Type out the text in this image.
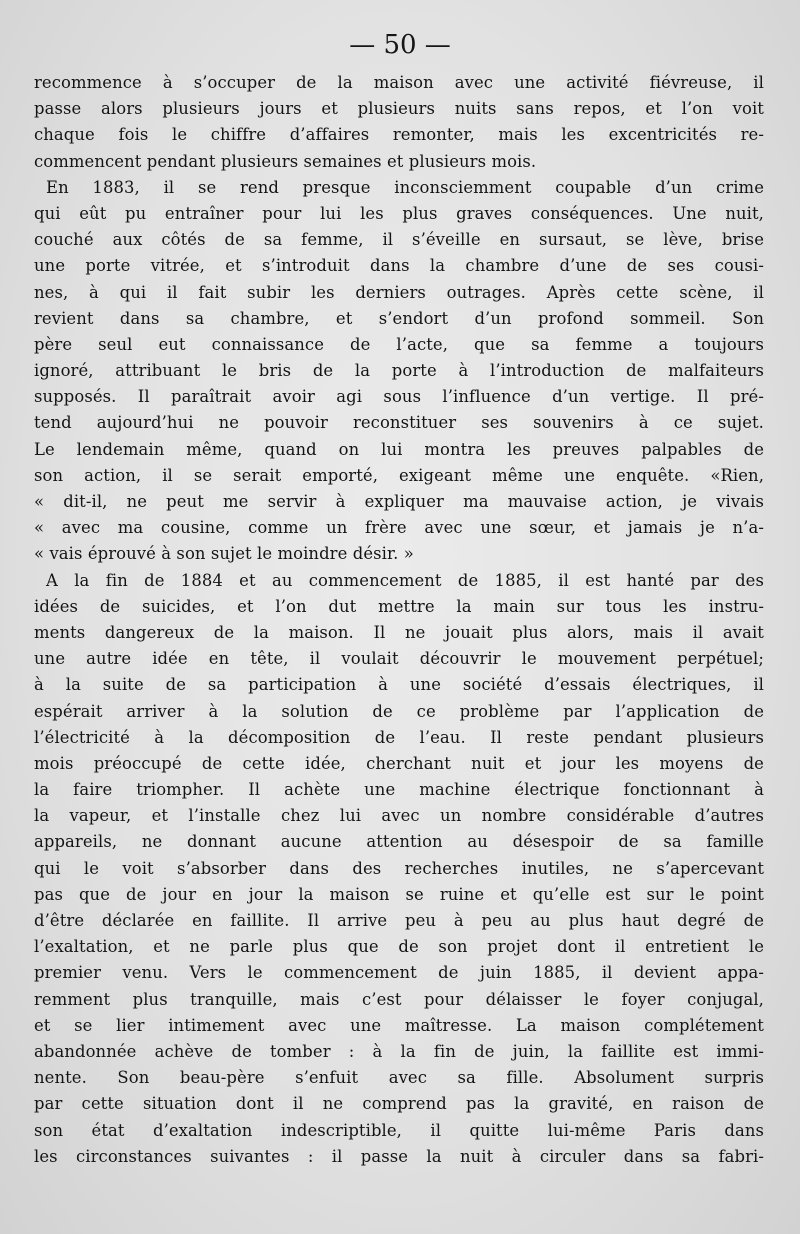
— 50 —
recommence à s’occuper de la maison avec une activité fiévreuse, il
passe alors plusieurs jours et plusieurs nuits sans repos, et l’on voit
chaque fois le chiffre d’affaires remonter, mais les excentricités re-
commencent pendant plusieurs semaines et plusieurs mois.
En 1883, il se rend presque inconsciemment coupable d’un crime
qui eût pu entraîner pour lui les plus graves conséquences. Une nuit,
couché aux côtés de sa femme, il s’éveille en sursaut, se lève, brise
une porte vitrée, et s’introduit dans la chambre d’une de ses cousi-
nes, à qui il fait subir les derniers outrages. Après cette scène, il
revient dans sa chambre, et s’endort d’un profond sommeil. Son
père seul eut connaissance de l’acte, que sa femme a toujours
ignoré, attribuant le bris de la porte à l’introduction de malfaiteurs
supposés. Il paraîtrait avoir agi sous l’influence d’un vertige. Il pré-
tend aujourd’hui ne pouvoir reconstituer ses souvenirs à ce sujet.
Le lendemain même, quand on lui montra les preuves palpables de
son action, il se serait emporté, exigeant même une enquête. «Rien,
« dit-il, ne peut me servir à expliquer ma mauvaise action, je vivais
« avec ma cousine, comme un frère avec une sœur, et jamais je n’a-
« vais éprouvé à son sujet le moindre désir. »
A la fin de 1884 et au commencement de 1885, il est hanté par des
idées de suicides, et l’on dut mettre la main sur tous les instru-
ments dangereux de la maison. Il ne jouait plus alors, mais il avait
une autre idée en tête, il voulait découvrir le mouvement perpétuel;
à la suite de sa participation à une société d’essais électriques, il
espérait arriver à la solution de ce problème par l’application de
l’électricité à la décomposition de l’eau. Il reste pendant plusieurs
mois préoccupé de cette idée, cherchant nuit et jour les moyens de
la faire triompher. Il achète une machine électrique fonctionnant à
la vapeur, et l’installe chez lui avec un nombre considérable d’autres
appareils, ne donnant aucune attention au désespoir de sa famille
qui le voit s’absorber dans des recherches inutiles, ne s’apercevant
pas que de jour en jour la maison se ruine et qu’elle est sur le point
d’être déclarée en faillite. Il arrive peu à peu au plus haut degré de
l’exaltation, et ne parle plus que de son projet dont il entretient le
premier venu. Vers le commencement de juin 1885, il devient appa-
remment plus tranquille, mais c’est pour délaisser le foyer conjugal,
et se lier intimement avec une maîtresse. La maison complétement
abandonnée achève de tomber : à la fin de juin, la faillite est immi-
nente. Son beau-père s’enfuit avec sa fille. Absolument surpris
par cette situation dont il ne comprend pas la gravité, en raison de
son état d’exaltation indescriptible, il quitte lui-même Paris dans
les circonstances suivantes : il passe la nuit à circuler dans sa fabri-
